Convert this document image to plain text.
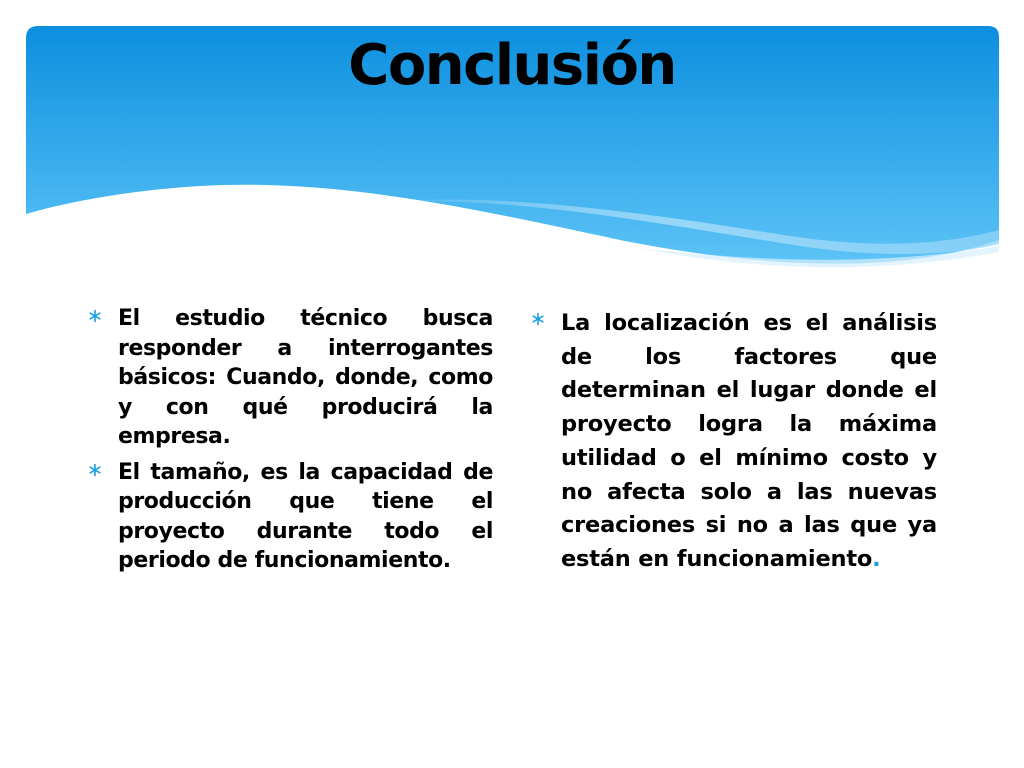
Conclusión
El estudio técnico busca responder a interrogantes básicos: Cuando, donde, como y con qué producirá la empresa.
El tamaño, es la capacidad de producción que tiene el proyecto durante todo el periodo de funcionamiento.
La localización es el análisis de los factores que determinan el lugar donde el proyecto logra la máxima utilidad o el mínimo costo y no afecta solo a las nuevas creaciones si no a las que ya están en funcionamiento.
